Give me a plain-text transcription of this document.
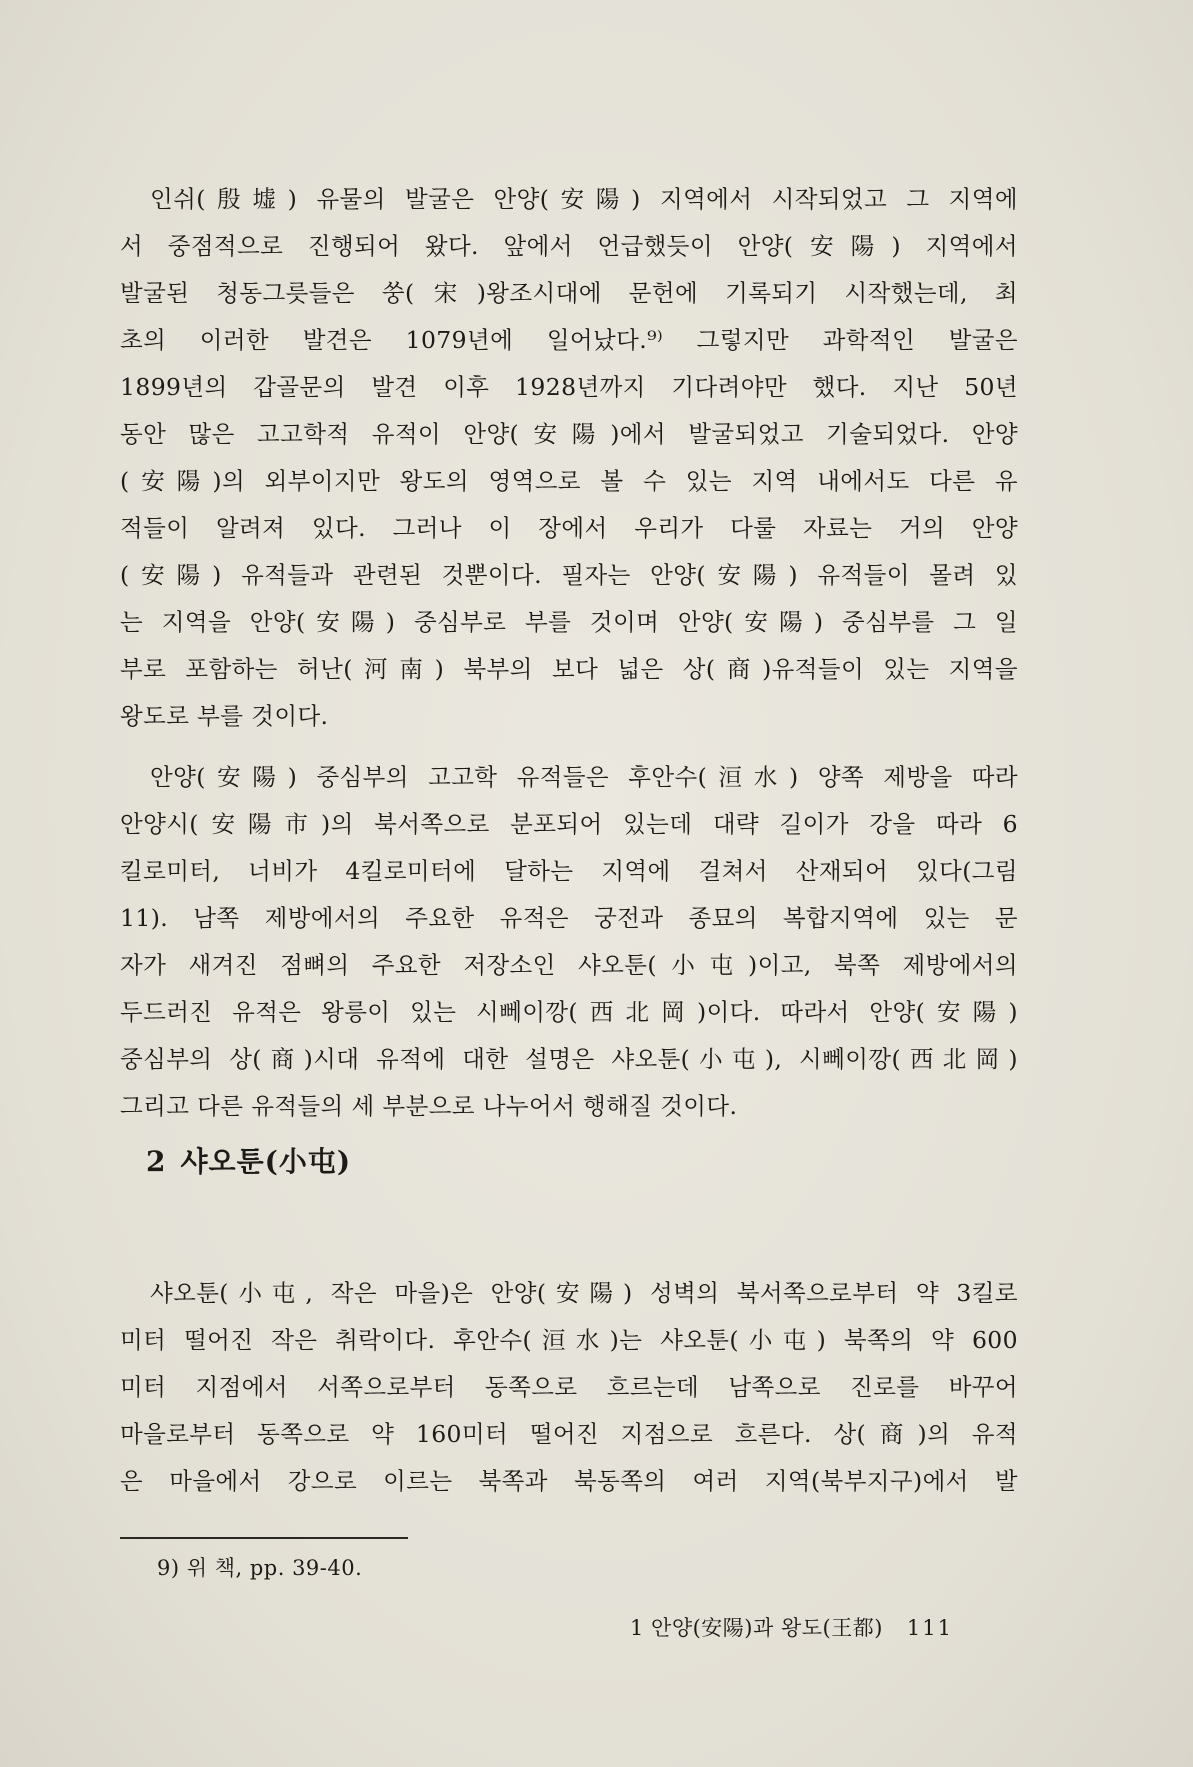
인쉬(殷墟) 유물의 발굴은 안양(安陽) 지역에서 시작되었고 그 지역에
서 중점적으로 진행되어 왔다. 앞에서 언급했듯이 안양(安陽) 지역에서
발굴된 청동그릇들은 쑹(宋)왕조시대에 문헌에 기록되기 시작했는데, 최
초의 이러한 발견은 1079년에 일어났다.⁹⁾ 그렇지만 과학적인 발굴은
1899년의 갑골문의 발견 이후 1928년까지 기다려야만 했다. 지난 50년
동안 많은 고고학적 유적이 안양(安陽)에서 발굴되었고 기술되었다. 안양
(安陽)의 외부이지만 왕도의 영역으로 볼 수 있는 지역 내에서도 다른 유
적들이 알려져 있다. 그러나 이 장에서 우리가 다룰 자료는 거의 안양
(安陽) 유적들과 관련된 것뿐이다. 필자는 안양(安陽) 유적들이 몰려 있
는 지역을 안양(安陽) 중심부로 부를 것이며 안양(安陽) 중심부를 그 일
부로 포함하는 허난(河南) 북부의 보다 넓은 상(商)유적들이 있는 지역을
왕도로 부를 것이다.
안양(安陽) 중심부의 고고학 유적들은 후안수(洹水) 양쪽 제방을 따라
안양시(安陽市)의 북서쪽으로 분포되어 있는데 대략 길이가 강을 따라 6
킬로미터, 너비가 4킬로미터에 달하는 지역에 걸쳐서 산재되어 있다(그림
11). 남쪽 제방에서의 주요한 유적은 궁전과 종묘의 복합지역에 있는 문
자가 새겨진 점뼈의 주요한 저장소인 샤오툰(小屯)이고, 북쪽 제방에서의
두드러진 유적은 왕릉이 있는 시뻬이깡(西北岡)이다. 따라서 안양(安陽)
중심부의 상(商)시대 유적에 대한 설명은 샤오툰(小屯), 시뻬이깡(西北岡)
그리고 다른 유적들의 세 부분으로 나누어서 행해질 것이다.
2 샤오툰(小屯)
샤오툰(小屯, 작은 마을)은 안양(安陽) 성벽의 북서쪽으로부터 약 3킬로
미터 떨어진 작은 취락이다. 후안수(洹水)는 샤오툰(小屯) 북쪽의 약 600
미터 지점에서 서쪽으로부터 동쪽으로 흐르는데 남쪽으로 진로를 바꾸어
마을로부터 동쪽으로 약 160미터 떨어진 지점으로 흐른다. 상(商)의 유적
은 마을에서 강으로 이르는 북쪽과 북동쪽의 여러 지역(북부지구)에서 발
9) 위 책, pp. 39-40.
1 안양(安陽)과 왕도(王都) 111
